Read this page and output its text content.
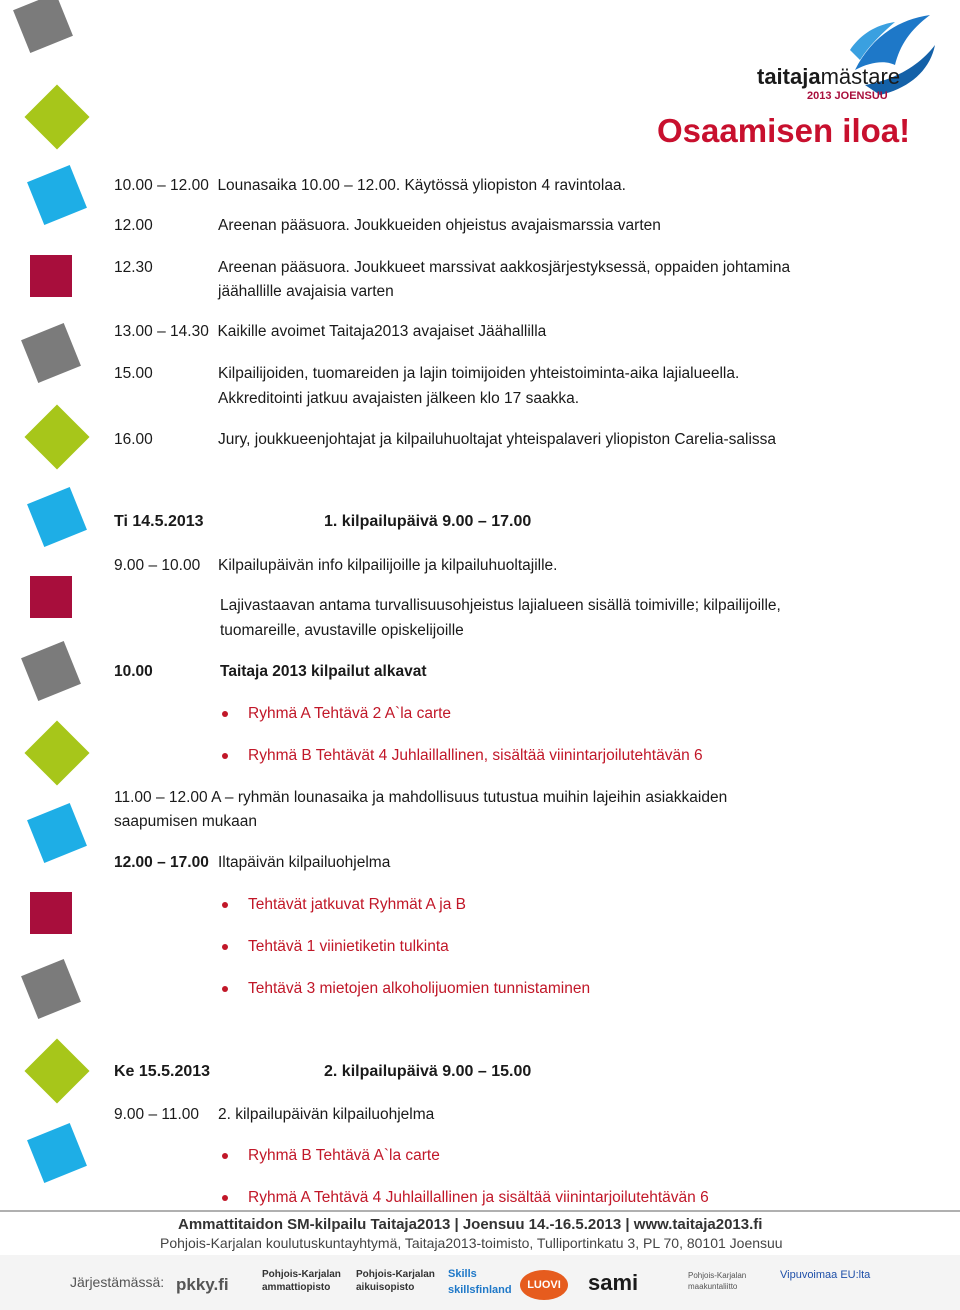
taitajamästare
2013 JOENSUU
Osaamisen iloa!
10.00 – 12.00 Lounasaika 10.00 – 12.00. Käytössä yliopiston 4 ravintolaa.
12.00	Areenan pääsuora. Joukkueiden ohjeistus avajaismarssia varten
12.30	Areenan pääsuora. Joukkueet marssivat aakkosjärjestyksessä, oppaiden johtamina
jäähallille avajaisia varten
13.00 – 14.30 Kaikille avoimet Taitaja2013 avajaiset Jäähallilla
15.00	Kilpailijoiden, tuomareiden ja lajin toimijoiden yhteistoiminta-aika lajialueella.
Akkreditointi jatkuu avajaisten jälkeen klo 17 saakka.
16.00	Jury, joukkueenjohtajat ja kilpailuhuoltajat yhteispalaveri yliopiston Carelia-salissa
Ti 14.5.2013	1. kilpailupäivä 9.00 – 17.00
9.00 – 10.00 Kilpailupäivän info kilpailijoille ja kilpailuhuoltajille.
Lajivastaavan antama turvallisuusohjeistus lajialueen sisällä toimiville; kilpailijoille,
tuomareille, avustaville opiskelijoille
10.00	Taitaja 2013 kilpailut alkavat
Ryhmä A Tehtävä 2 A`la carte
Ryhmä B Tehtävät 4 Juhlaillallinen, sisältää viinintarjoilutehtävän 6
11.00 – 12.00 A – ryhmän lounasaika ja mahdollisuus tutustua muihin lajeihin asiakkaiden
saapumisen mukaan
12.00 – 17.00 Iltapäivän kilpailuohjelma
Tehtävät jatkuvat Ryhmät A ja B
Tehtävä 1 viinietiketin tulkinta
Tehtävä 3 mietojen alkoholijuomien tunnistaminen
Ke 15.5.2013	2. kilpailupäivä 9.00 – 15.00
9.00 – 11.00 2. kilpailupäivän kilpailuohjelma
Ryhmä B Tehtävä A`la carte
Ryhmä A Tehtävä 4 Juhlaillallinen ja sisältää viinintarjoilutehtävän 6
Ammattitaidon SM-kilpailu Taitaja2013 | Joensuu 14.-16.5.2013 | www.taitaja2013.fi
Pohjois-Karjalan koulutuskuntayhtymä, Taitaja2013-toimisto, Tulliportinkatu 3, PL 70, 80101 Joensuu
Järjestämässä: pkky.fi
Pohjois-Karjalan ammattiopisto
Pohjois-Karjalan aikuisopisto
Skills skillsfinland	LUOVI	sami	Pohjois-Karjalan maakuntaliitto
Vipuvoimaa EU:lta
